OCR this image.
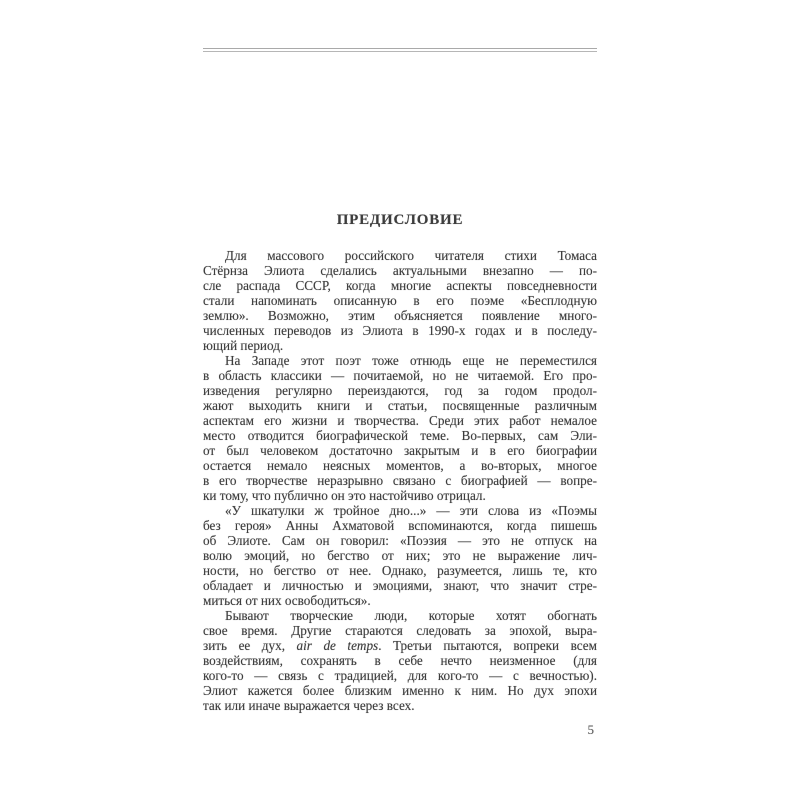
ПРЕДИСЛОВИЕ

Для массового российского читателя стихи Томаса
Стёрнза Элиота сделались актуальными внезапно — по-
сле распада СССР, когда многие аспекты повседневности
стали напоминать описанную в его поэме «Бесплодную
землю». Возможно, этим объясняется появление много-
численных переводов из Элиота в 1990-х годах и в последу-
ющий период.

На Западе этот поэт тоже отнюдь еще не переместился
в область классики — почитаемой, но не читаемой. Его про-
изведения регулярно переиздаются, год за годом продол-
жают выходить книги и статьи, посвященные различным
аспектам его жизни и творчества. Среди этих работ немалое
место отводится биографической теме. Во-первых, сам Эли-
от был человеком достаточно закрытым и в его биографии
остается немало неясных моментов, а во-вторых, многое
в его творчестве неразрывно связано с биографией — вопре-
ки тому, что публично он это настойчиво отрицал.

«У шкатулки ж тройное дно...» — эти слова из «Поэмы
без героя» Анны Ахматовой вспоминаются, когда пишешь
об Элиоте. Сам он говорил: «Поэзия — это не отпуск на
волю эмоций, но бегство от них; это не выражение лич-
ности, но бегство от нее. Однако, разумеется, лишь те, кто
обладает и личностью и эмоциями, знают, что значит стре-
миться от них освободиться».

Бывают творческие люди, которые хотят обогнать
свое время. Другие стараются следовать за эпохой, выра-
зить ее дух, air de temps. Третьи пытаются, вопреки всем
воздействиям, сохранять в себе нечто неизменное (для
кого-то — связь с традицией, для кого-то — с вечностью).
Элиот кажется более близким именно к ним. Но дух эпохи
так или иначе выражается через всех.

5
